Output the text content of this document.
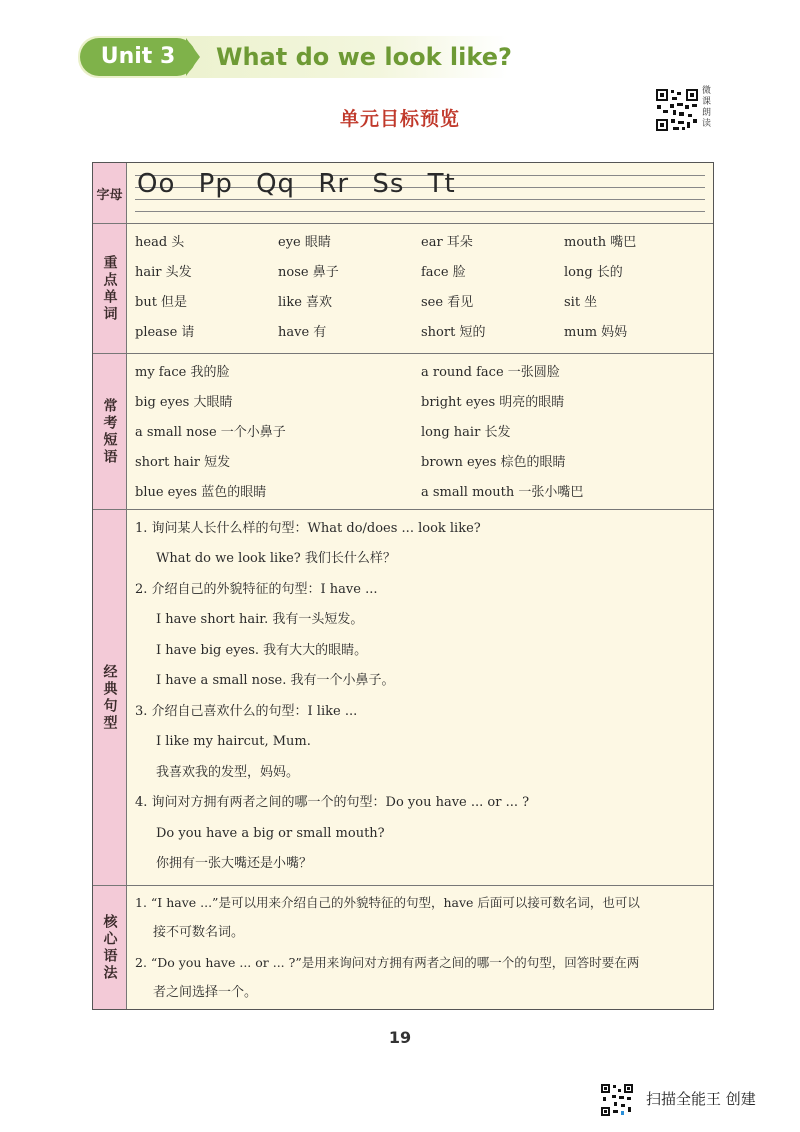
Unit 3	What do we look like?
单元目标预览
微课朗读
字母 Oo Pp Qq Rr Ss Tt
重点单词
head 头	eye 眼睛	ear 耳朵	mouth 嘴巴
hair 头发	nose 鼻子	face 脸	long 长的
but 但是	like 喜欢	see 看见	sit 坐
please 请	have 有	short 短的	mum 妈妈
常考短语
my face 我的脸	a round face 一张圆脸
big eyes 大眼睛	bright eyes 明亮的眼睛
a small nose 一个小鼻子	long hair 长发
short hair 短发	brown eyes 棕色的眼睛
blue eyes 蓝色的眼睛	a small mouth 一张小嘴巴
经典句型
1. 询问某人长什么样的句型：What do/does ... look like?
What do we look like? 我们长什么样？
2. 介绍自己的外貌特征的句型：I have ...
I have short hair. 我有一头短发。
I have big eyes. 我有大大的眼睛。
I have a small nose. 我有一个小鼻子。
3. 介绍自己喜欢什么的句型：I like ...
I like my haircut, Mum.
我喜欢我的发型，妈妈。
4. 询问对方拥有两者之间的哪一个的句型：Do you have ... or ... ?
Do you have a big or small mouth?
你拥有一张大嘴还是小嘴？
核心语法
1. “I have ...”是可以用来介绍自己的外貌特征的句型，have 后面可以接可数名词，也可以
接不可数名词。
2. “Do you have ... or ... ?”是用来询问对方拥有两者之间的哪一个的句型，回答时要在两
者之间选择一个。
19
扫描全能王 创建
